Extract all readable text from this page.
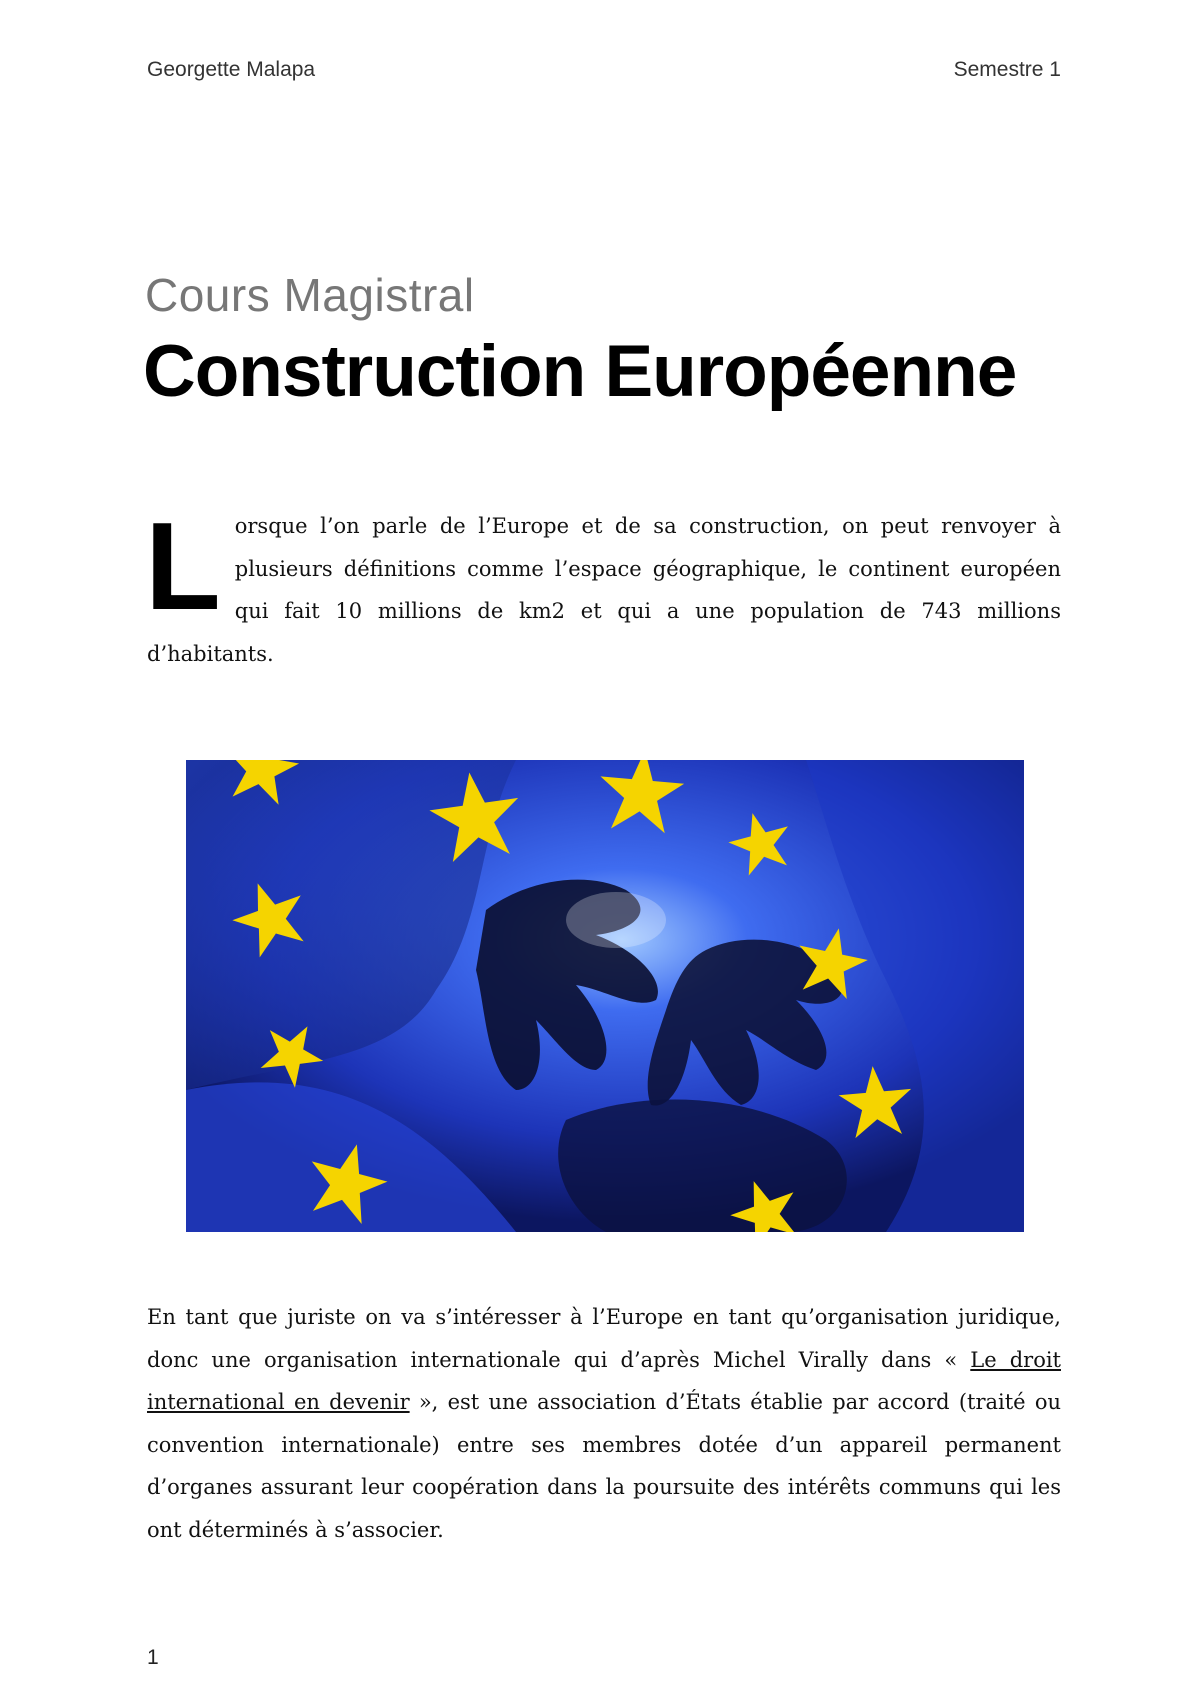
Georgette Malapa	Semestre 1
Cours Magistral
Construction Européenne
Lorsque l’on parle de l’Europe et de sa construction, on peut renvoyer à plusieurs définitions comme l’espace géographique, le continent européen qui fait 10 millions de km2 et qui a une population de 743 millions d’habitants.
En tant que juriste on va s’intéresser à l’Europe en tant qu’organisation juridique, donc une organisation internationale qui d’après Michel Virally dans « Le droit international en devenir », est une association d’États établie par accord (traité ou convention internationale) entre ses membres dotée d’un appareil permanent d’organes assurant leur coopération dans la poursuite des intérêts communs qui les ont déterminés à s’associer.
1
